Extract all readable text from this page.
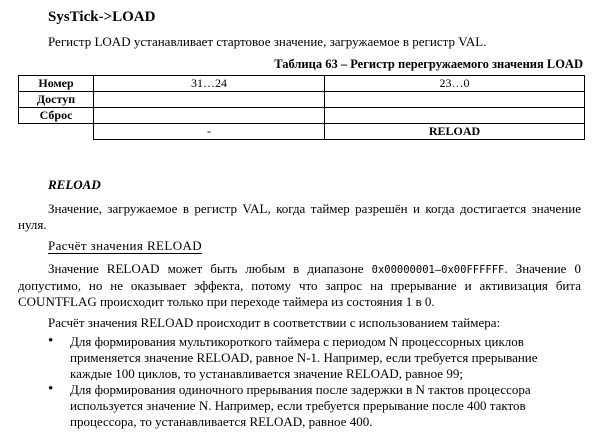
SysTick->LOAD
Регистр LOAD устанавливает стартовое значение, загружаемое в регистр VAL.
Таблица 63 – Регистр перегружаемого значения LOAD
Номер	31…24	23…0
Доступ		
Сброс		
	-	RELOAD
RELOAD
Значение, загружаемое в регистр VAL, когда таймер разрешён и когда достигается значение нуля.
Расчёт значения RELOAD
Значение RELOAD может быть любым в диапазоне 0x00000001–0x00FFFFFF. Значение 0 допустимо, но не оказывает эффекта, потому что запрос на прерывание и активизация бита COUNTFLAG происходит только при переходе таймера из состояния 1 в 0.
Расчёт значения RELOAD происходит в соответствии с использованием таймера:
• Для формирования мультикороткого таймера с периодом N процессорных циклов применяется значение RELOAD, равное N-1. Например, если требуется прерывание каждые 100 циклов, то устанавливается значение RELOAD, равное 99;
• Для формирования одиночного прерывания после задержки в N тактов процессора используется значение N. Например, если требуется прерывание после 400 тактов процессора, то устанавливается RELOAD, равное 400.
